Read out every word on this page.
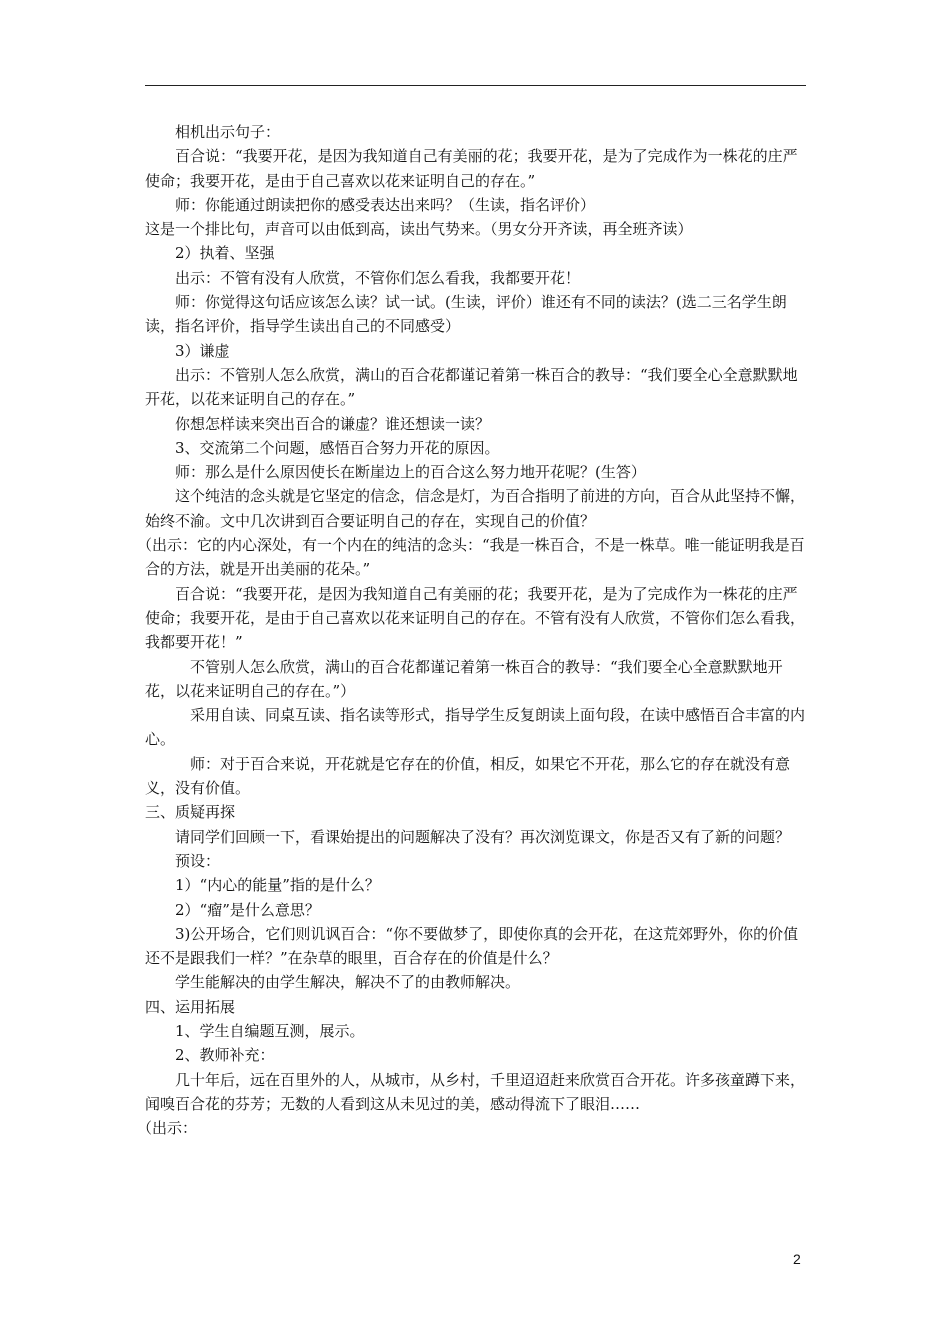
相机出示句子：

百合说：“我要开花，是因为我知道自己有美丽的花；我要开花，是为了完成作为一株花的庄严使命；我要开花，是由于自己喜欢以花来证明自己的存在。”

师：你能通过朗读把你的感受表达出来吗？（生读，指名评价）

这是一个排比句，声音可以由低到高，读出气势来。（男女分开齐读，再全班齐读）

2）执着、坚强

出示：不管有没有人欣赏，不管你们怎么看我，我都要开花！

师：你觉得这句话应该怎么读？试一试。(生读，评价）谁还有不同的读法？(选二三名学生朗读，指名评价，指导学生读出自己的不同感受）

3）谦虚

出示：不管别人怎么欣赏，满山的百合花都谨记着第一株百合的教导：“我们要全心全意默默地开花，以花来证明自己的存在。”

你想怎样读来突出百合的谦虚？谁还想读一读？

3、交流第二个问题，感悟百合努力开花的原因。

师：那么是什么原因使长在断崖边上的百合这么努力地开花呢？(生答）

这个纯洁的念头就是它坚定的信念，信念是灯，为百合指明了前进的方向，百合从此坚持不懈，始终不渝。文中几次讲到百合要证明自己的存在，实现自己的价值？

（出示：它的内心深处，有一个内在的纯洁的念头：“我是一株百合，不是一株草。唯一能证明我是百合的方法，就是开出美丽的花朵。”

百合说：“我要开花，是因为我知道自己有美丽的花；我要开花，是为了完成作为一株花的庄严使命；我要开花，是由于自己喜欢以花来证明自己的存在。不管有没有人欣赏，不管你们怎么看我，我都要开花！”

不管别人怎么欣赏，满山的百合花都谨记着第一株百合的教导：“我们要全心全意默默地开花，以花来证明自己的存在。”）

采用自读、同桌互读、指名读等形式，指导学生反复朗读上面句段，在读中感悟百合丰富的内心。

师：对于百合来说，开花就是它存在的价值，相反，如果它不开花，那么它的存在就没有意义，没有价值。

三、质疑再探

请同学们回顾一下，看课始提出的问题解决了没有？再次浏览课文，你是否又有了新的问题？

预设：

1）“内心的能量”指的是什么？

2）“瘤”是什么意思？

3)公开场合，它们则讥讽百合：“你不要做梦了，即使你真的会开花，在这荒郊野外，你的价值还不是跟我们一样？”在杂草的眼里，百合存在的价值是什么？

学生能解决的由学生解决，解决不了的由教师解决。

四、运用拓展

1、学生自编题互测，展示。

2、教师补充：

几十年后，远在百里外的人，从城市，从乡村，千里迢迢赶来欣赏百合开花。许多孩童蹲下来，闻嗅百合花的芬芳；无数的人看到这从未见过的美，感动得流下了眼泪……

（出示：

2
